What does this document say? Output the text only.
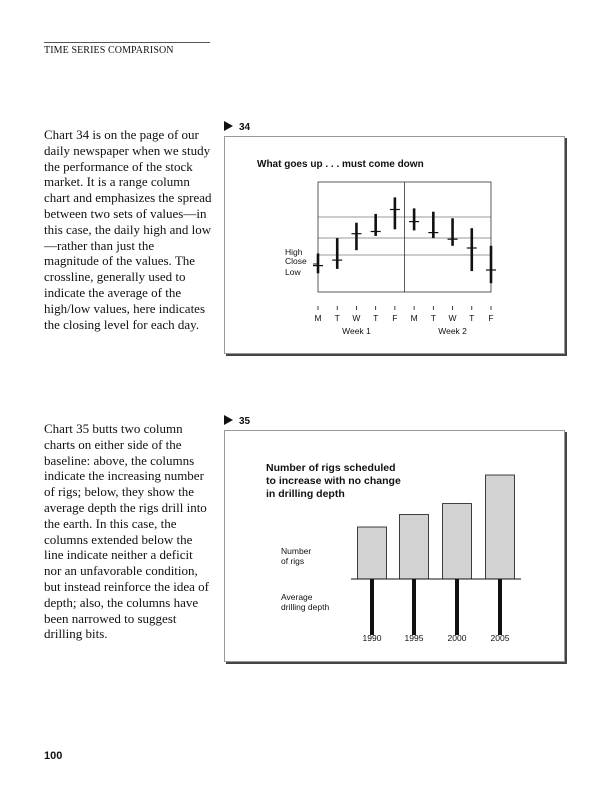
TIME SERIES COMPARISON
Chart 34 is on the page of our daily newspaper when we study the performance of the stock market. It is a range column chart and emphasizes the spread between two sets of values—in this case, the daily high and low—rather than just the magnitude of the values. The crossline, generally used to indicate the average of the high/low values, here indicates the closing level for each day.
Chart 35 butts two column charts on either side of the baseline: above, the columns indicate the increasing number of rigs; below, they show the average depth the rigs drill into the earth. In this case, the columns extended below the line indicate neither a deficit nor an unfavorable condition, but instead reinforce the idea of depth; also, the columns have been narrowed to suggest drilling bits.
34
35
What goes up . . . must come down
High
Close
Low
M T W T F M T W T F
Week 1	Week 2
Number of rigs scheduled
to increase with no change
in drilling depth
Number
of rigs
Average
drilling depth
1990	1995	2000	2005
100
